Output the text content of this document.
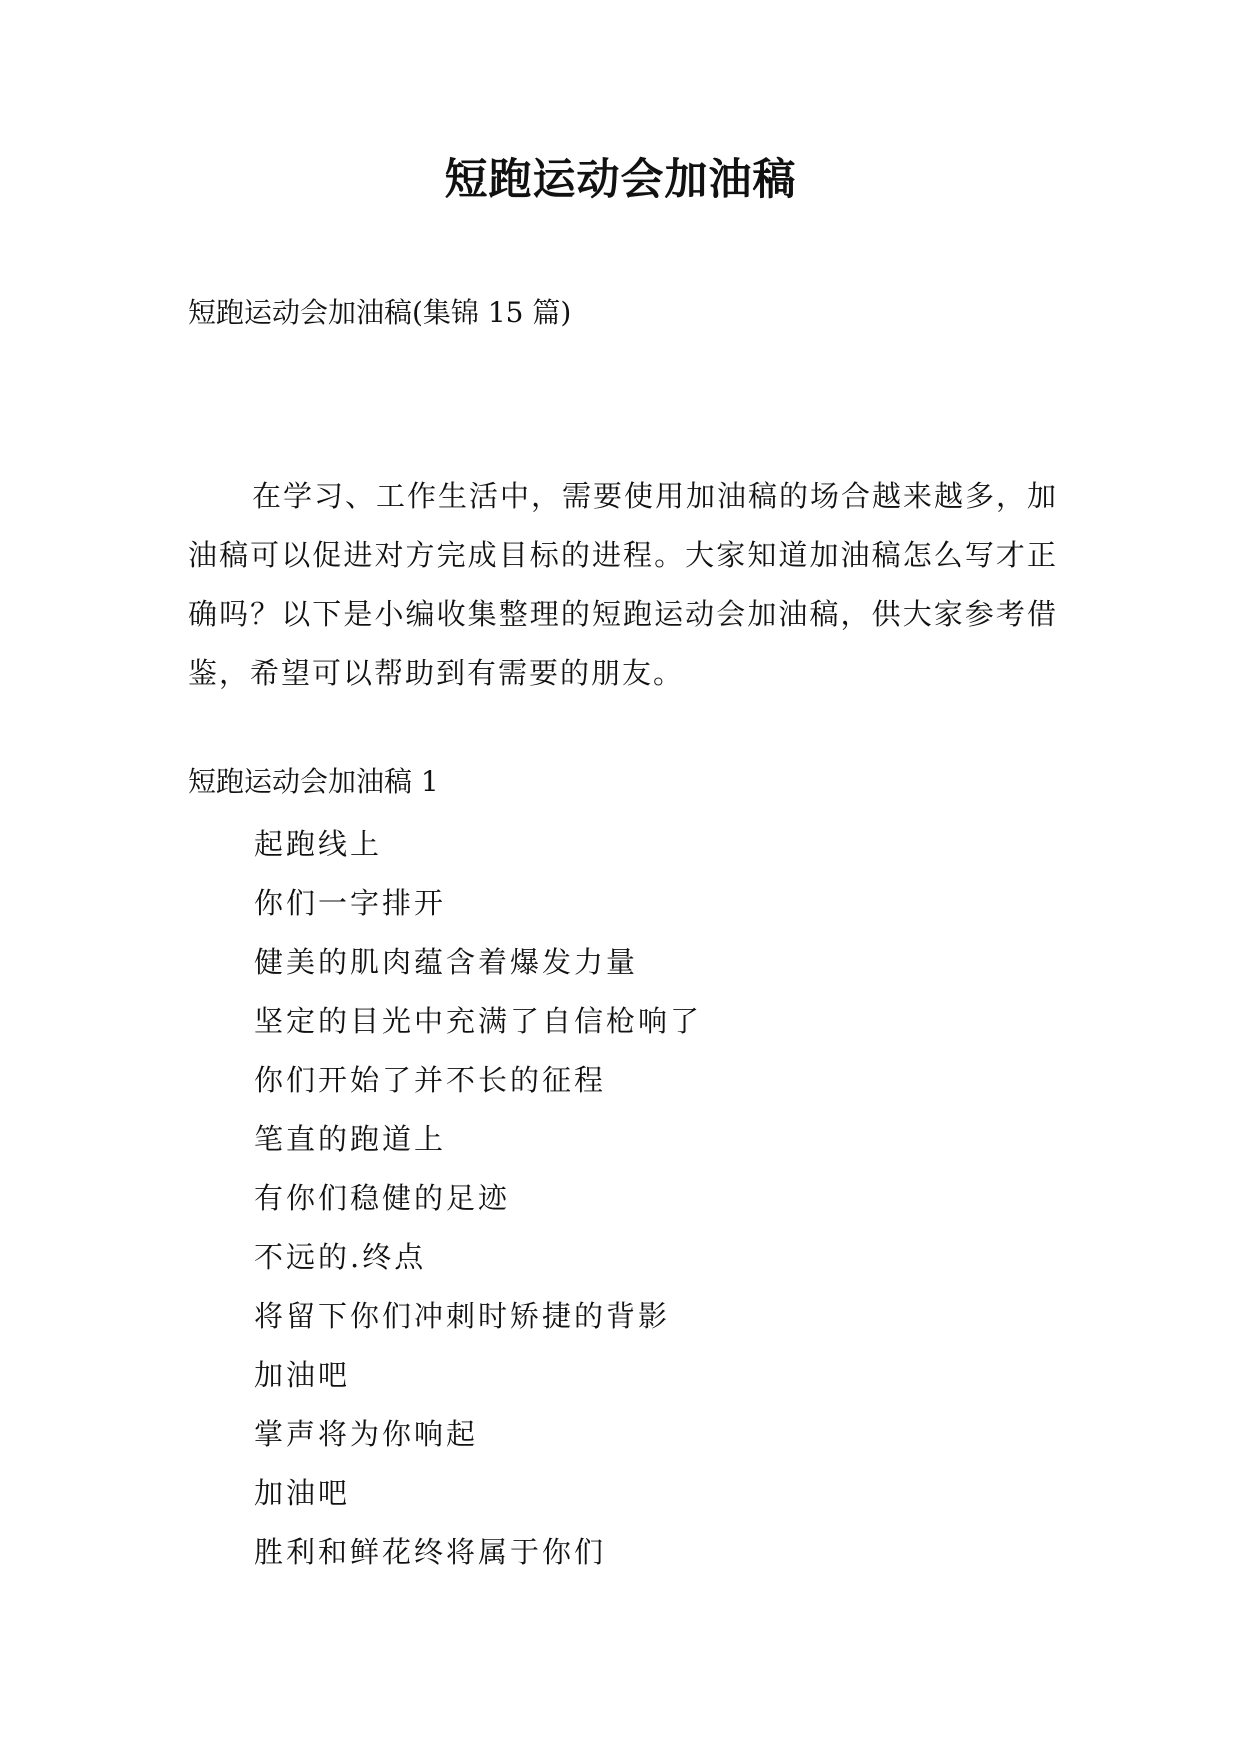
短跑运动会加油稿

短跑运动会加油稿(集锦 15 篇)

在学习、工作生活中，需要使用加油稿的场合越来越多，加油稿可以促进对方完成目标的进程。大家知道加油稿怎么写才正确吗？以下是小编收集整理的短跑运动会加油稿，供大家参考借鉴，希望可以帮助到有需要的朋友。

短跑运动会加油稿 1

起跑线上
你们一字排开
健美的肌肉蕴含着爆发力量
坚定的目光中充满了自信枪响了
你们开始了并不长的征程
笔直的跑道上
有你们稳健的足迹
不远的.终点
将留下你们冲刺时矫捷的背影
加油吧
掌声将为你响起
加油吧
胜利和鲜花终将属于你们
